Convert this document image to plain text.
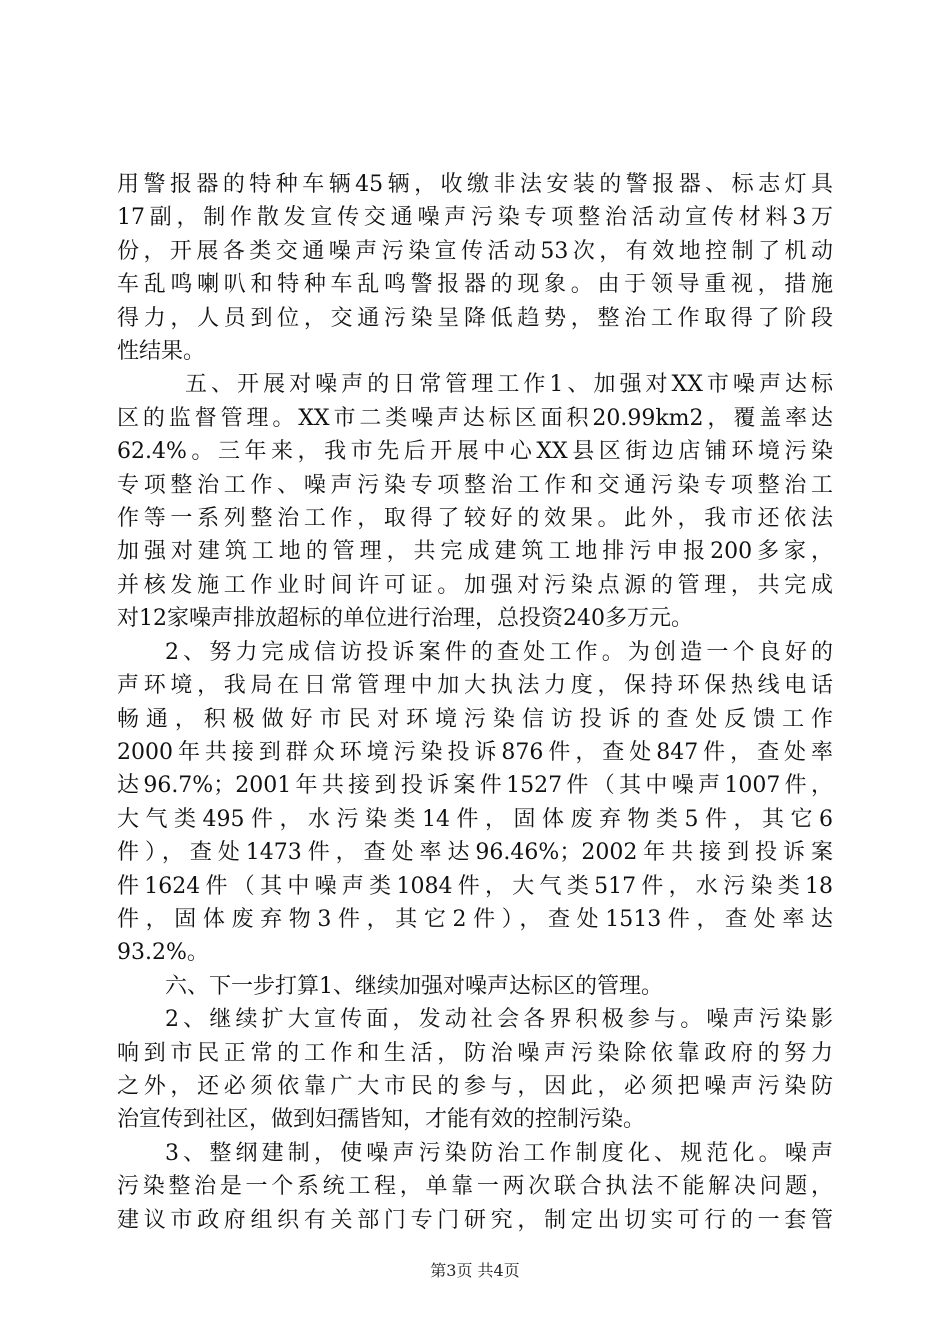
用警报器的特种车辆45辆，收缴非法安装的警报器、标志灯具
17副，制作散发宣传交通噪声污染专项整治活动宣传材料3万
份，开展各类交通噪声污染宣传活动53次，有效地控制了机动
车乱鸣喇叭和特种车乱鸣警报器的现象。由于领导重视，措施
得力，人员到位，交通污染呈降低趋势，整治工作取得了阶段
性结果。
五、开展对噪声的日常管理工作1、加强对XX市噪声达标
区的监督管理。XX市二类噪声达标区面积20.99km2，覆盖率达
62.4%。三年来，我市先后开展中心XX县区街边店铺环境污染
专项整治工作、噪声污染专项整治工作和交通污染专项整治工
作等一系列整治工作，取得了较好的效果。此外，我市还依法
加强对建筑工地的管理，共完成建筑工地排污申报200多家，
并核发施工作业时间许可证。加强对污染点源的管理，共完成
对12家噪声排放超标的单位进行治理，总投资240多万元。
2、努力完成信访投诉案件的查处工作。为创造一个良好的
声环境，我局在日常管理中加大执法力度，保持环保热线电话
畅通，积极做好市民对环境污染信访投诉的查处反馈工作
2000年共接到群众环境污染投诉876件，查处847件，查处率
达96.7%；2001年共接到投诉案件1527件（其中噪声1007件，
大气类495件，水污染类14件，固体废弃物类5件，其它6
件），查处1473件，查处率达96.46%；2002年共接到投诉案
件1624件（其中噪声类1084件，大气类517件，水污染类18
件，固体废弃物3件，其它2件），查处1513件，查处率达
93.2%。
六、下一步打算1、继续加强对噪声达标区的管理。
2、继续扩大宣传面，发动社会各界积极参与。噪声污染影
响到市民正常的工作和生活，防治噪声污染除依靠政府的努力
之外，还必须依靠广大市民的参与，因此，必须把噪声污染防
治宣传到社区，做到妇孺皆知，才能有效的控制污染。
3、整纲建制，使噪声污染防治工作制度化、规范化。噪声
污染整治是一个系统工程，单靠一两次联合执法不能解决问题，
建议市政府组织有关部门专门研究，制定出切实可行的一套管
第3页 共4页
